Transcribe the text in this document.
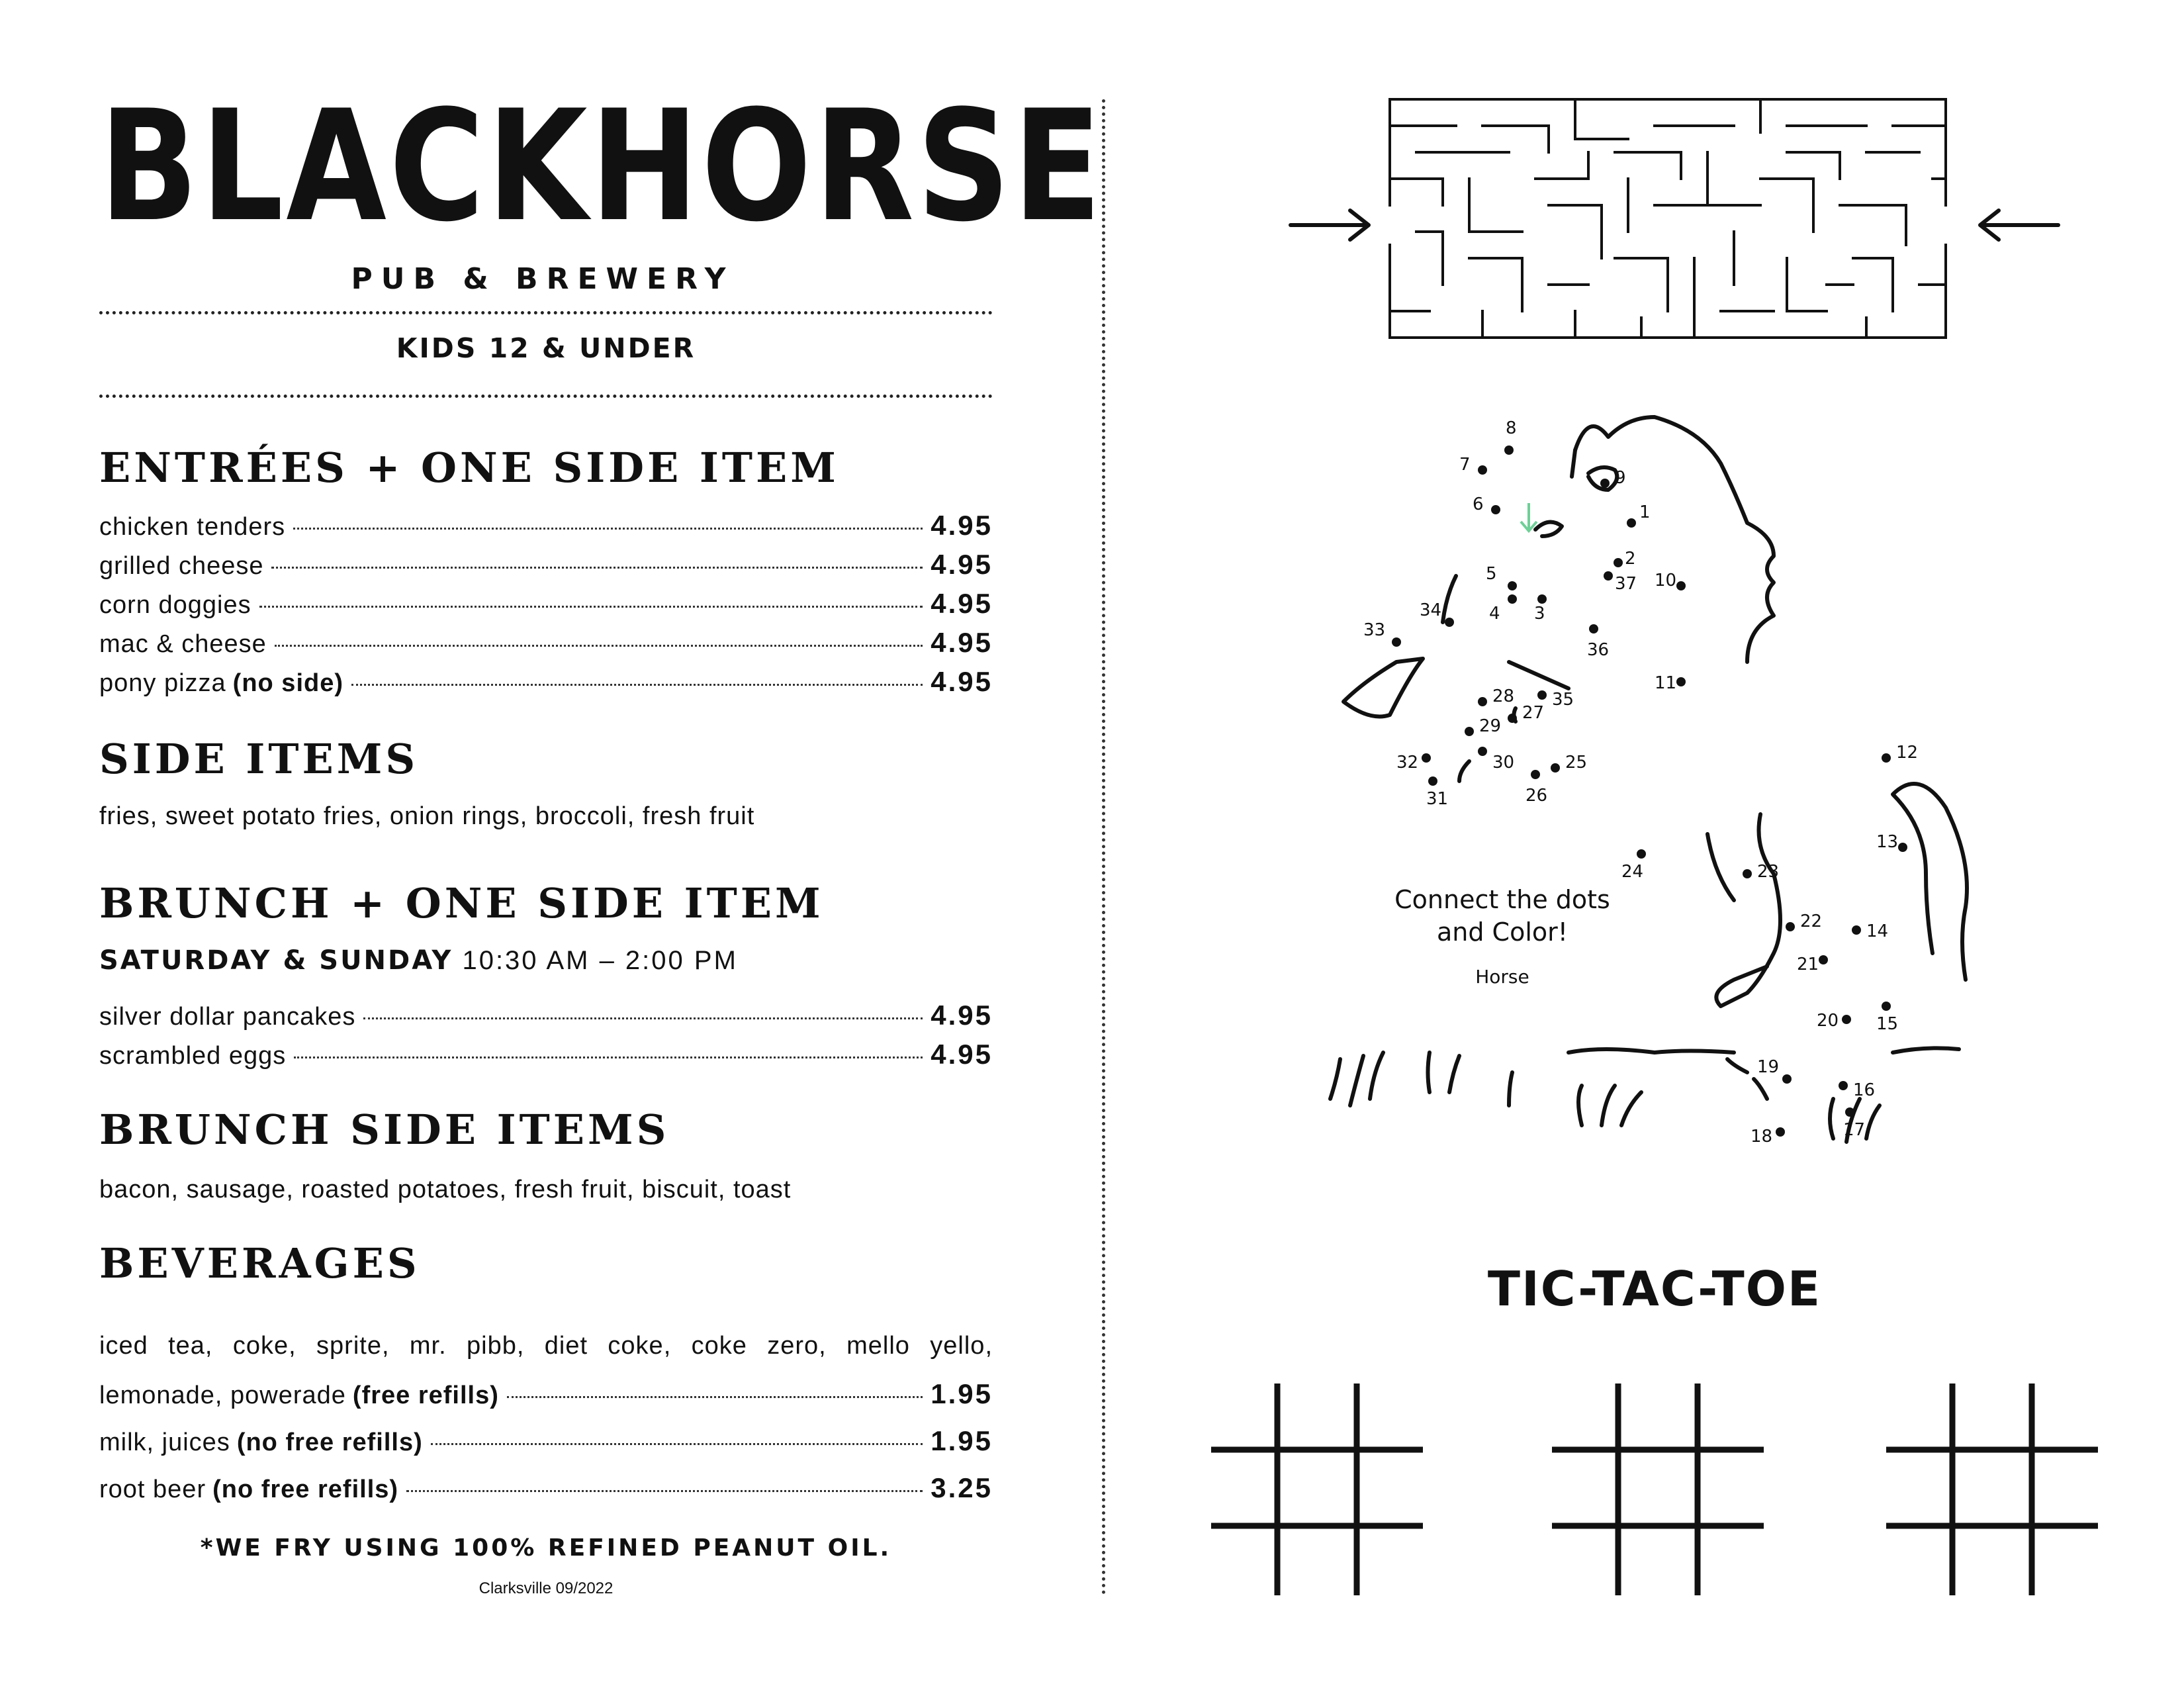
BLACKHORSE
PUB & BREWERY
KIDS 12 & UNDER
ENTRÉES + ONE SIDE ITEM
chicken tenders	4.95
grilled cheese	4.95
corn doggies	4.95
mac & cheese	4.95
pony pizza (no side)	4.95
SIDE ITEMS
fries, sweet potato fries, onion rings, broccoli, fresh fruit
BRUNCH + ONE SIDE ITEM
SATURDAY & SUNDAY 10:30 AM – 2:00 PM
silver dollar pancakes	4.95
scrambled eggs	4.95
BRUNCH SIDE ITEMS
bacon, sausage, roasted potatoes, fresh fruit, biscuit, toast
BEVERAGES
iced tea, coke, sprite, mr. pibb, diet coke, coke zero, mello yello,
lemonade, powerade (free refills)	1.95
milk, juices (no free refills)	1.95
root beer (no free refills)	3.25
*WE FRY USING 100% REFINED PEANUT OIL.
Clarksville 09/2022
1
2
3
4
5
6
7
8
9
10
11
12
13
14
15
16
17
18
19
20
21
22
23
24
25
26
27
28
29
30
31
32
33
34
35
36
37
Connect the dots
and Color!
Horse
TIC-TAC-TOE
